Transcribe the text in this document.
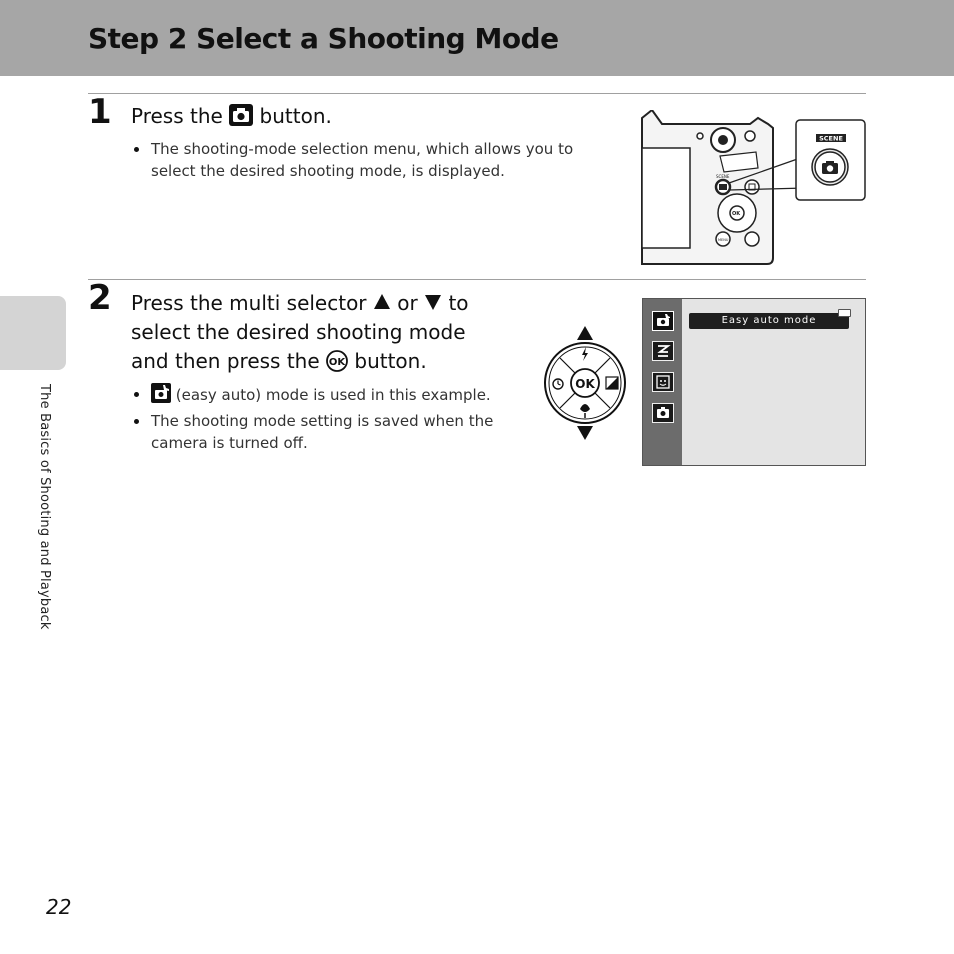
Step 2 Select a Shooting Mode
1 Press the button.
The shooting-mode selection menu, which allows you to select the desired shooting mode, is displayed.	SCENE
OK
MENU
SCENE
2 Press the multi selector or to
select the desired shooting mode
and then press the OK button.
(easy auto) mode is used in this example.
The shooting mode setting is saved when the camera is turned off.
OK
Easy auto mode
The Basics of Shooting and Playback
22
